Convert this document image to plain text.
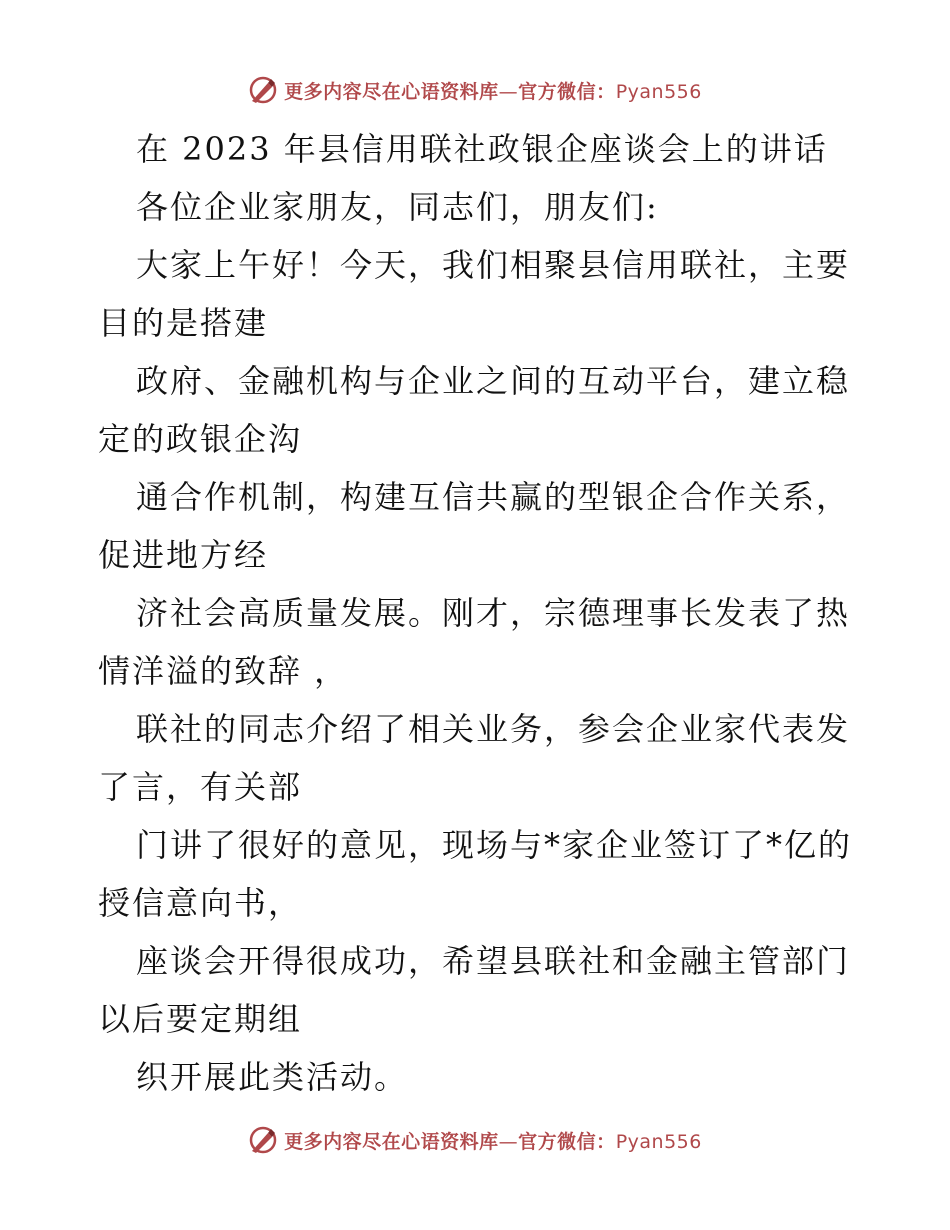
更多内容尽在心语资料库—官方微信：Pyan556
在 2023 年县信用联社政银企座谈会上的讲话
各位企业家朋友，同志们，朋友们:
大家上午好！今天，我们相聚县信用联社，主要
目的是搭建
政府、金融机构与企业之间的互动平台，建立稳
定的政银企沟
通合作机制，构建互信共赢的型银企合作关系，
促进地方经
济社会高质量发展。刚才，宗德理事长发表了热
情洋溢的致辞 ，
联社的同志介绍了相关业务，参会企业家代表发
了言，有关部
门讲了很好的意见，现场与*家企业签订了*亿的
授信意向书，
座谈会开得很成功，希望县联社和金融主管部门
以后要定期组
织开展此类活动。
更多内容尽在心语资料库—官方微信：Pyan556
